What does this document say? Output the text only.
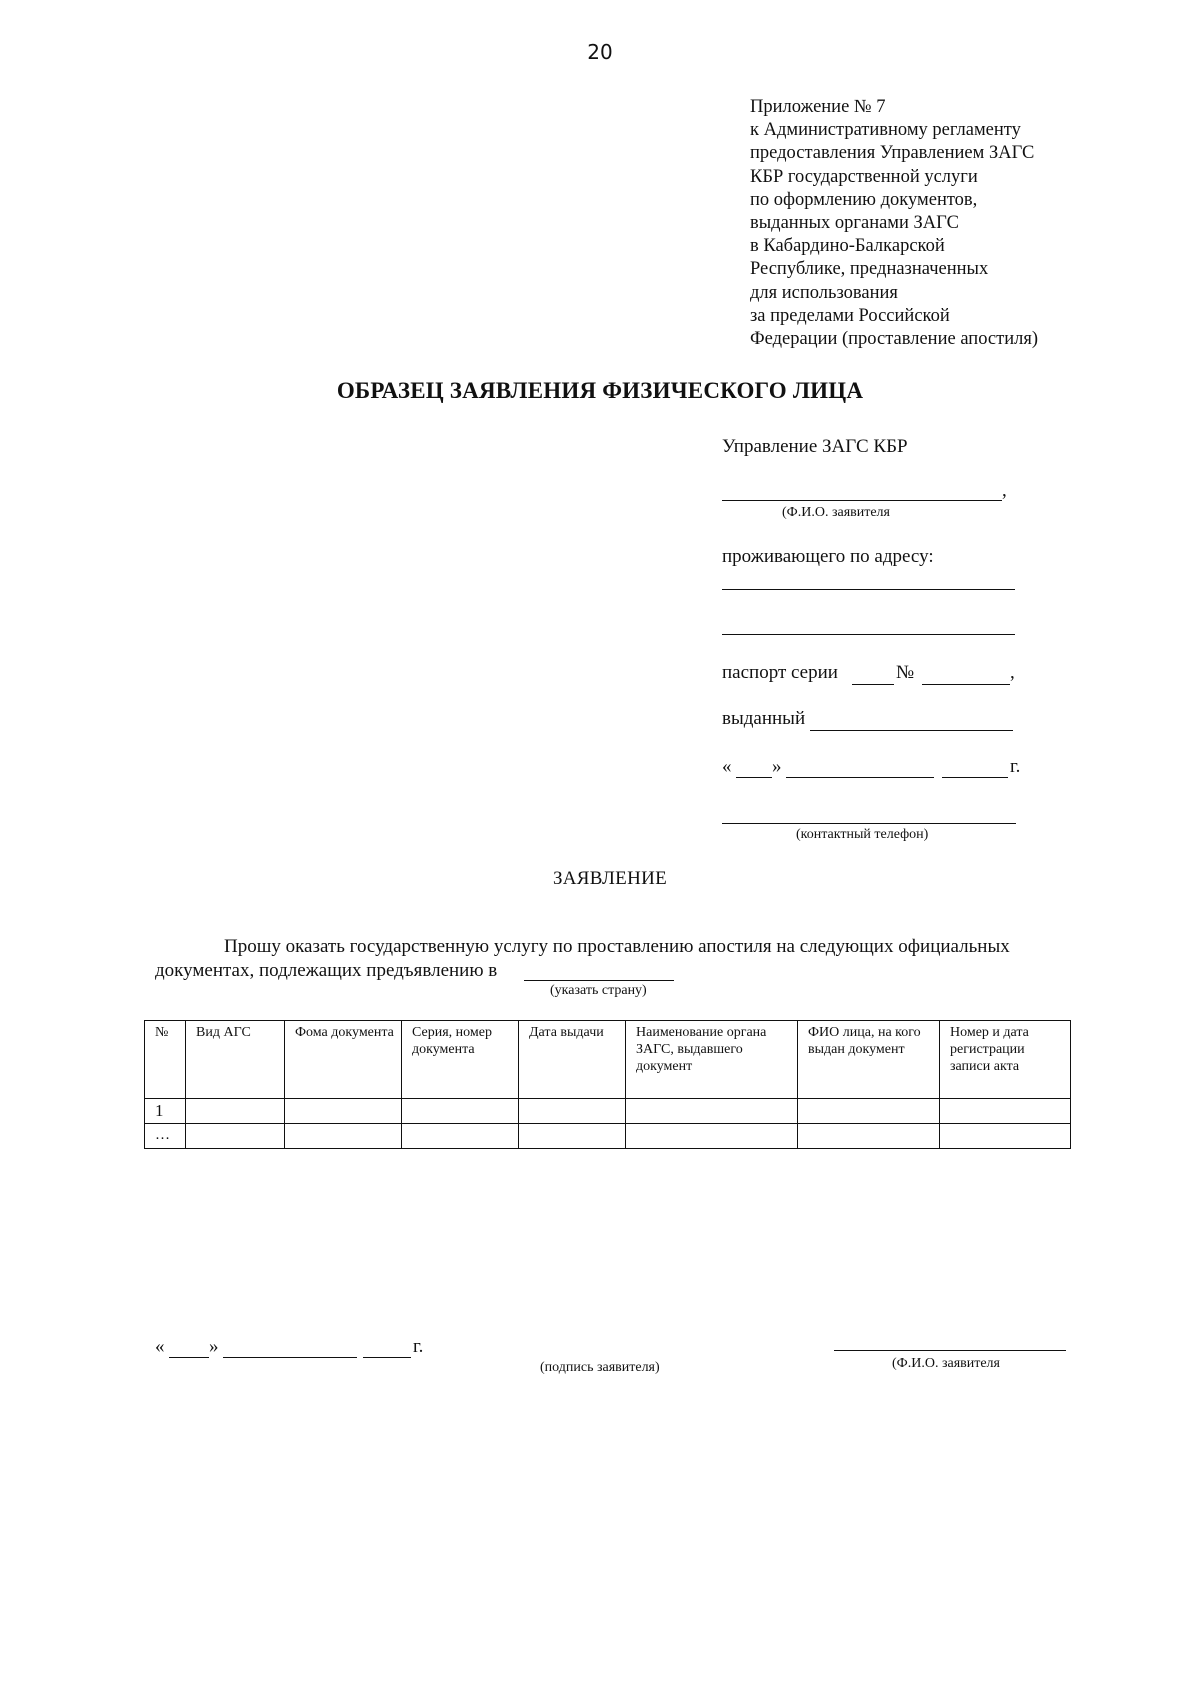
20
Приложение № 7
к Административному регламенту
предоставления Управлением ЗАГС
КБР государственной услуги
по оформлению документов,
выданных органами ЗАГС
в Кабардино-Балкарской
Республике, предназначенных
для использования
за пределами Российской
Федерации (проставление апостиля)
ОБРАЗЕЦ ЗАЯВЛЕНИЯ ФИЗИЧЕСКОГО ЛИЦА
Управление ЗАГС КБР
,
(Ф.И.О. заявителя
проживающего по адресу:
паспорт серии	№	,
выданный
« »	г.
(контактный телефон)
ЗАЯВЛЕНИЕ
Прошу оказать государственную услугу по проставлению апостиля на следующих официальных
документах, подлежащих предъявлению в
(указать страну)
№	Вид АГС	Фома документа	Серия, номер документа	Дата выдачи	Наименование органа ЗАГС, выдавшего документ	ФИО лица, на кого выдан документ	Номер и дата регистрации записи акта
1							
…							
« »	г.
(подпись заявителя)	(Ф.И.О. заявителя
